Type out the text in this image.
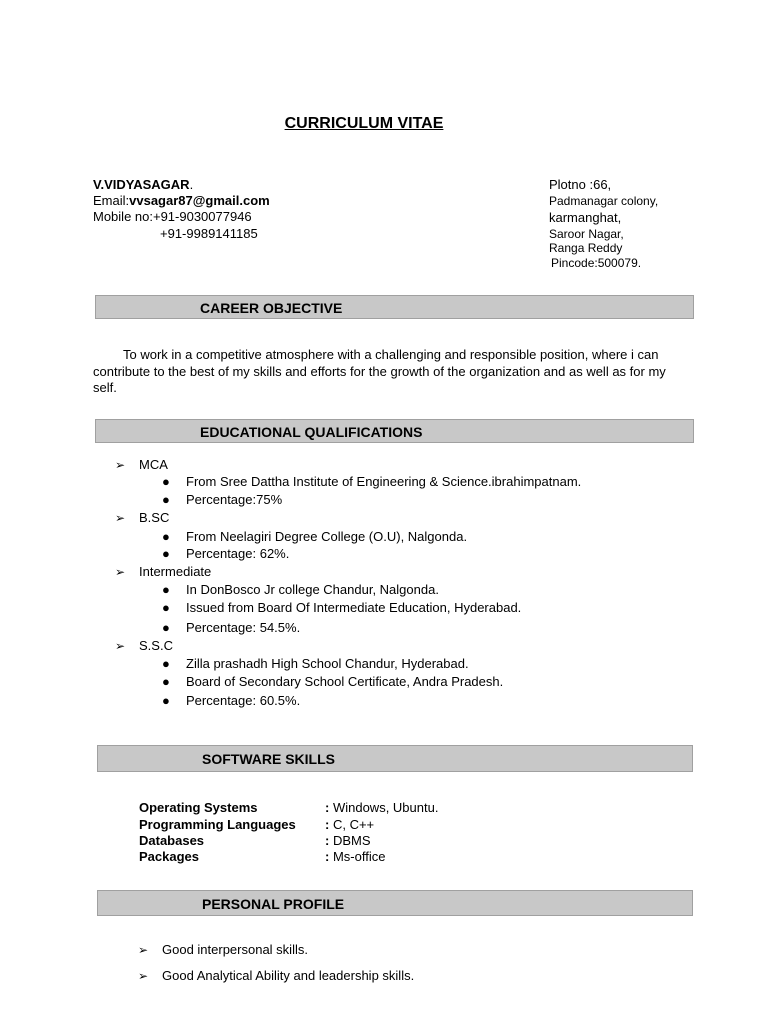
CURRICULUM VITAE
V.VIDYASAGAR.
Email:vvsagar87@gmail.com
Mobile no:+91-9030077946
+91-9989141185
Plotno :66,
Padmanagar colony,
karmanghat,
Saroor Nagar,
Ranga Reddy
Pincode:500079.
CAREER OBJECTIVE
To work in a competitive atmosphere with a challenging and responsible position, where i can contribute to the best of my skills and efforts for the growth of the organization and as well as for my self.
EDUCATIONAL QUALIFICATIONS
➢ MCA
● From Sree Dattha Institute of Engineering & Science.ibrahimpatnam.
● Percentage:75%
➢ B.SC
● From Neelagiri Degree College (O.U), Nalgonda.
● Percentage: 62%.
➢ Intermediate
● In DonBosco Jr college Chandur, Nalgonda.
● Issued from Board Of Intermediate Education, Hyderabad.
● Percentage: 54.5%.
➢ S.S.C
● Zilla prashadh High School Chandur, Hyderabad.
● Board of Secondary School Certificate, Andra Pradesh.
● Percentage: 60.5%.
SOFTWARE SKILLS
Operating Systems	: Windows, Ubuntu.
Programming Languages : C, C++
Databases	: DBMS
Packages	: Ms-office
PERSONAL PROFILE
➢ Good interpersonal skills.
➢ Good Analytical Ability and leadership skills.
